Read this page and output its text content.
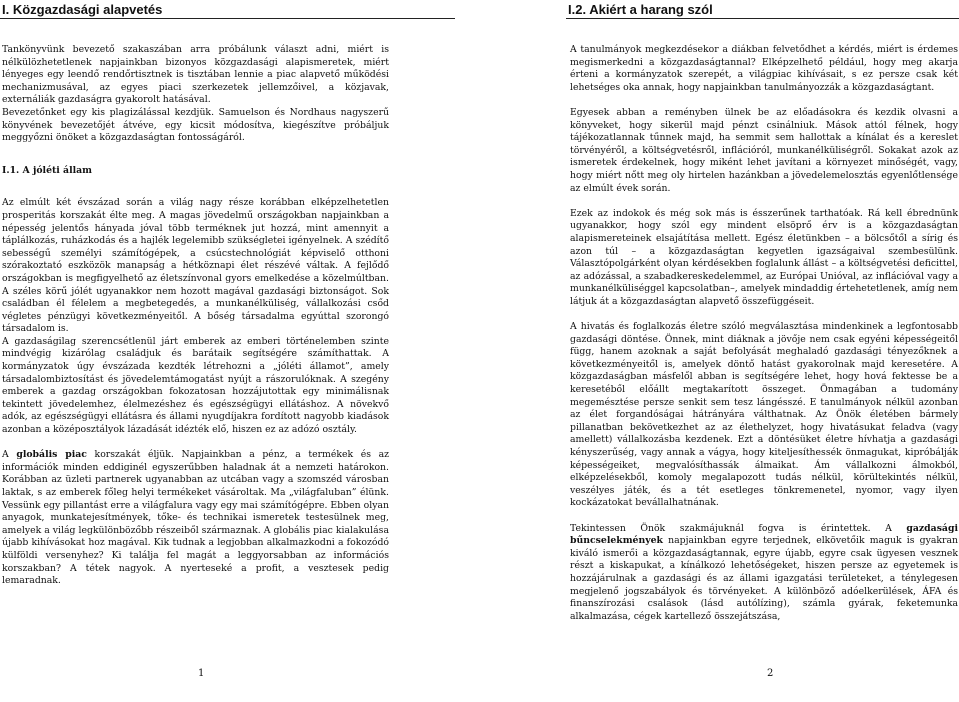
I. Közgazdasági alapvetés	I.2. Akiért a harang szól

Tankönyvünk bevezető szakaszában arra próbálunk választ adni, miért is nélkülözhetetlenek napjainkban bizonyos közgazdasági alapismeretek, miért lényeges egy leendő rendőrtisztnek is tisztában lennie a piac alapvető működési mechanizmusával, az egyes piaci szerkezetek jellemzőivel, a közjavak, externáliák gazdaságra gyakorolt hatásával.

Bevezetőnket egy kis plagizálással kezdjük. Samuelson és Nordhaus nagyszerű könyvének bevezetőjét átvéve, egy kicsit módosítva, kiegészítve próbáljuk meggyőzni önöket a közgazdaságtan fontosságáról.

I.1. A jóléti állam

Az elmúlt két évszázad során a világ nagy része korábban elképzelhetetlen prosperitás korszakát élte meg. A magas jövedelmű országokban napjainkban a népesség jelentős hányada jóval több terméknek jut hozzá, mint amennyit a táplálkozás, ruházkodás és a hajlék legelemibb szükségletei igényelnek. A szédítő sebességű személyi számítógépek, a csúcstechnológiát képviselő otthoni szórakoztató eszközök manapság a hétköznapi élet részévé váltak. A fejlődő országokban is megfigyelhető az életszínvonal gyors emelkedése a közelmúltban. A széles körű jólét ugyanakkor nem hozott magával gazdasági biztonságot. Sok családban él félelem a megbetegedés, a munkanélküliség, vállalkozási csőd végletes pénzügyi következményeitől. A bőség társadalma egyúttal szorongó társadalom is.

A gazdaságilag szerencsétlenül járt emberek az emberi történelemben szinte mindvégig kizárólag családjuk és barátaik segítségére számíthattak. A kormányzatok úgy évszázada kezdték létrehozni a „jóléti államot”, amely társadalombiztosítást és jövedelemtámogatást nyújt a rászorulóknak. A szegény emberek a gazdag országokban fokozatosan hozzájutottak egy minimálisnak tekintett jövedelemhez, élelmezéshez és egészségügyi ellátáshoz. A növekvő adók, az egészségügyi ellátásra és állami nyugdíjakra fordított nagyobb kiadások azonban a középosztályok lázadását idézték elő, hiszen ez az adózó osztály.

A globális piac korszakát éljük. Napjainkban a pénz, a termékek és az információk minden eddiginél egyszerűbben haladnak át a nemzeti határokon. Korábban az üzleti partnerek ugyanabban az utcában vagy a szomszéd városban laktak, s az emberek főleg helyi termékeket vásároltak. Ma „világfaluban” élünk. Vessünk egy pillantást erre a világfalura vagy egy mai számítógépre. Ebben olyan anyagok, munkatejesítmények, tőke- és technikai ismeretek testesülnek meg, amelyek a világ legkülönbözőbb részeiből származnak. A globális piac kialakulása újabb kihívásokat hoz magával. Kik tudnak a legjobban alkalmazkodni a fokozódó külföldi versenyhez? Ki találja fel magát a leggyorsabban az információs korszakban? A tétek nagyok. A nyerteseké a profit, a vesztesek pedig lemaradnak.

A tanulmányok megkezdésekor a diákban felvetődhet a kérdés, miért is érdemes megismerkedni a közgazdaságtannal? Elképzelhető például, hogy meg akarja érteni a kormányzatok szerepét, a világpiac kihívásait, s ez persze csak két lehetséges oka annak, hogy napjainkban tanulmányozzák a közgazdaságtant.

Egyesek abban a reményben ülnek be az előadásokra és kezdik olvasni a könyveket, hogy sikerül majd pénzt csinálniuk. Mások attól félnek, hogy tájékozatlannak tűnnek majd, ha semmit sem hallottak a kínálat és a kereslet törvényéről, a költségvetésről, inflációról, munkanélküliségről. Sokakat azok az ismeretek érdekelnek, hogy miként lehet javítani a környezet minőségét, vagy, hogy miért nőtt meg oly hirtelen hazánkban a jövedelemelosztás egyenlőtlensége az elmúlt évek során.

Ezek az indokok és még sok más is ésszerűnek tarthatóak. Rá kell ébrednünk ugyanakkor, hogy szól egy mindent elsöprő érv is a közgazdaságtan alapismereteinek elsajátítása mellett. Egész életünkben – a bölcsőtől a sírig és azon túl – a közgazdaságtan kegyetlen igazságaival szembesülünk. Választópolgárként olyan kérdésekben foglalunk állást – a költségvetési deficittel, az adózással, a szabadkereskedelemmel, az Európai Unióval, az inflációval vagy a munkanélküliséggel kapcsolatban–, amelyek mindaddig értehetetlenek, amíg nem látjuk át a közgazdaságtan alapvető összefüggéseit.

A hivatás és foglalkozás életre szóló megválasztása mindenkinek a legfontosabb gazdasági döntése. Önnek, mint diáknak a jövője nem csak egyéni képességeitől függ, hanem azoknak a saját befolyását meghaladó gazdasági tényezőknek a következményeitől is, amelyek döntő hatást gyakorolnak majd keresetére. A közgazdaságban másfelől abban is segítségére lehet, hogy hová fektesse be a keresetéből előállt megtakarított összeget. Önmagában a tudomány megemésztése persze senkit sem tesz lángésszé. E tanulmányok nélkül azonban az élet forgandóságai hátrányára válthatnak. Az Önök életében bármely pillanatban bekövetkezhet az az élethelyzet, hogy hivatásukat feladva (vagy amellett) vállalkozásba kezdenek. Ezt a döntésüket életre hívhatja a gazdasági kényszerűség, vagy annak a vágya, hogy kiteljesíthessék önmagukat, kipróbálják képességeiket, megvalósíthassák álmaikat. Ám vállalkozni álmokból, elképzelésekből, komoly megalapozott tudás nélkül, körültekintés nélkül, veszélyes játék, és a tét esetleges tönkremenetel, nyomor, vagy ilyen kockázatokat bevállalhatnának.

Tekintessen Önök szakmájuknál fogva is érintettek. A gazdasági bűncselekmények napjainkban egyre terjednek, elkövetőik maguk is gyakran kiváló ismerői a közgazdaságtannak, egyre újabb, egyre csak ügyesen vesznek részt a kiskapukat, a kínálkozó lehetőségeket, hiszen persze az egyetemek is hozzájárulnak a gazdasági és az állami igazgatási területeket, a ténylegesen megjelenő jogszabályok és törvényeket. A különböző adóelkerülések, ÁFA és finanszírozási csalások (lásd autólízing), számla gyárak, feketemunka alkalmazása, cégek kartellező összejátszása,

1	2
